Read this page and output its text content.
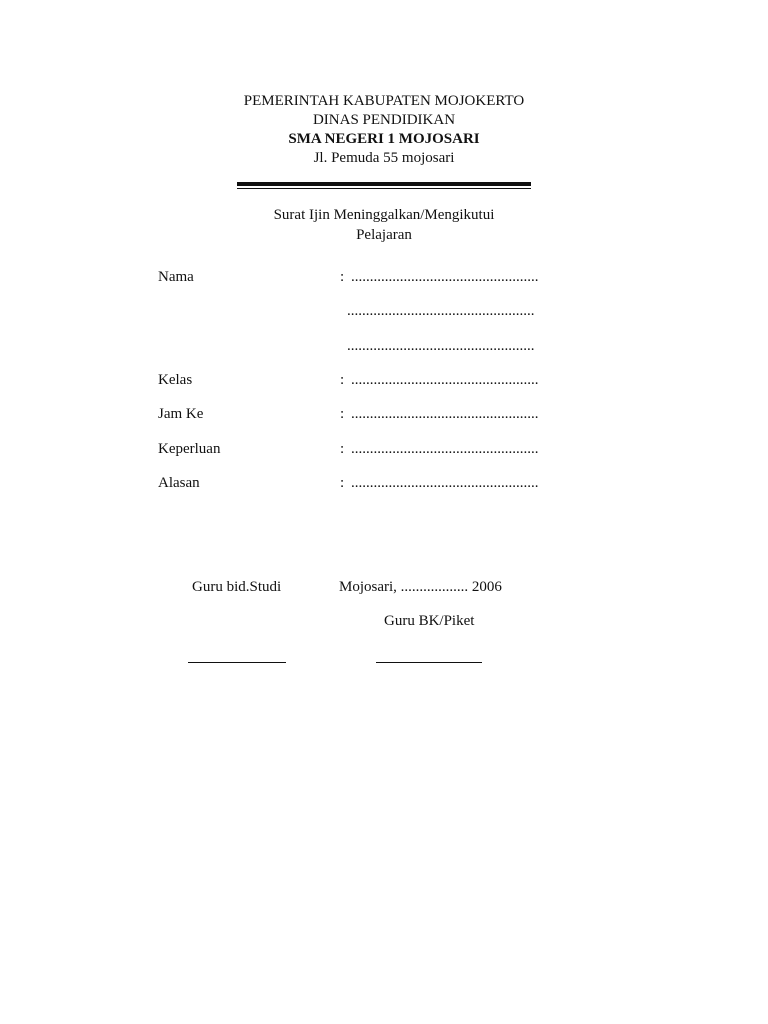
PEMERINTAH KABUPATEN MOJOKERTO
DINAS PENDIDIKAN
SMA NEGERI 1 MOJOSARI
Jl. Pemuda 55 mojosari
Surat Ijin Meninggalkan/Mengikutui
Pelajaran
Nama	: ..................................................
..................................................
..................................................
Kelas	: ..................................................
Jam Ke	: ..................................................
Keperluan	: ..................................................
Alasan	: ..................................................
Guru bid.Studi	Mojosari, .................. 2006
Guru BK/Piket
